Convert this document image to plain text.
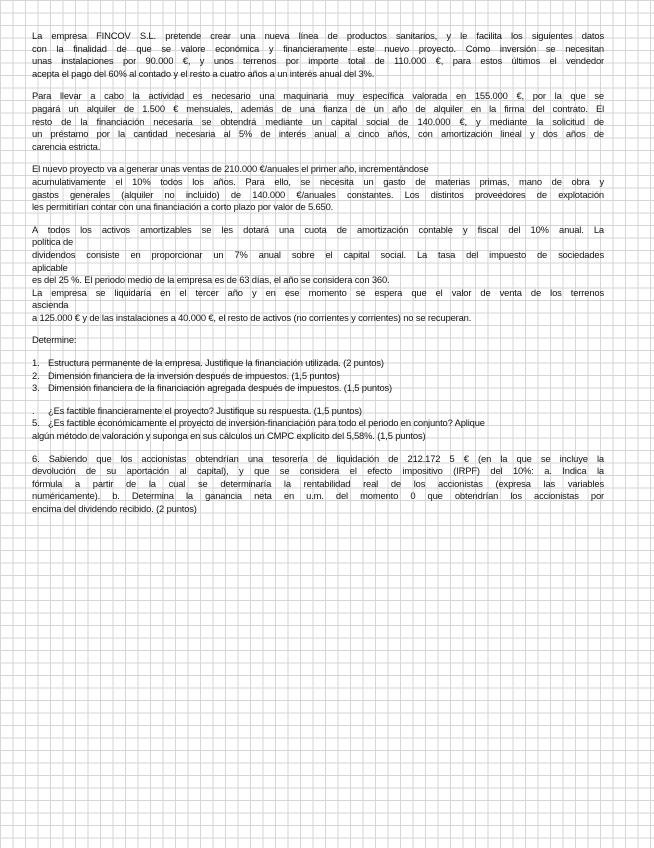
La empresa FINCOV S.L. pretende crear una nueva línea de productos sanitarios, y le facilita los siguientes datos
con la finalidad de que se valore económica y financieramente este nuevo proyecto. Como inversión se necesitan
unas instalaciones por 90.000 €, y unos terrenos por importe total de 110.000 €, para estos últimos el vendedor
acepta el pago del 60% al contado y el resto a cuatro años a un interés anual del 3%.
Para llevar a cabo la actividad es necesario una maquinaria muy específica valorada en 155.000 €, por la que se
pagará un alquiler de 1.500 € mensuales, además de una fianza de un año de alquiler en la firma del contrato. El
resto de la financiación necesaria se obtendrá mediante un capital social de 140.000 €, y mediante la solicitud de
un préstamo por la cantidad necesaria al 5% de interés anual a cinco años, con amortización lineal y dos años de
carencia estricta.
El nuevo proyecto va a generar unas ventas de 210.000 €/anuales el primer año, incrementándose
acumulativamente el 10% todos los años. Para ello, se necesita un gasto de materias primas, mano de obra y
gastos generales (alquiler no incluido) de 140.000 €/anuales constantes. Los distintos proveedores de explotación
les permitirían contar con una financiación a corto plazo por valor de 5.650.
A todos los activos amortizables se les dotará una cuota de amortización contable y fiscal del 10% anual. La
política de
dividendos consiste en proporcionar un 7% anual sobre el capital social. La tasa del impuesto de sociedades
aplicable
es del 25 %. El periodo medio de la empresa es de 63 días, el año se considera con 360.
La empresa se liquidaría en el tercer año y en ese momento se espera que el valor de venta de los terrenos
asciendа
a 125.000 € y de las instalaciones a 40.000 €, el resto de activos (no corrientes y corrientes) no se recuperan.
Determine:
1. Estructura permanente de la empresa. Justifique la financiación utilizada. (2 puntos)
2. Dimensión financiera de la inversión después de impuestos. (1,5 puntos)
3. Dimensión financiera de la financiación agregada después de impuestos. (1,5 puntos)
. ¿Es factible financieramente el proyecto? Justifique su respuesta. (1,5 puntos)
5. ¿Es factible económicamente el proyecto de inversión-financiación para todo el periodo en conjunto? Aplique
algún método de valoración y suponga en sus cálculos un CMPC explícito del 5,58%. (1,5 puntos)
6. Sabiendo que los accionistas obtendrían una tesorería de liquidación de 212.172 5 € (en la que se incluye la
devolución de su aportación al capital), y que se considera el efecto impositivo (IRPF) del 10%: a. Indica la
fórmula a partir de la cual se determinaría la rentabilidad real de los accionistas (expresa las variables
numéricamente). b. Determina la ganancia neta en u.m. del momento 0 que obtendrían los accionistas por
encima del dividendo recibido. (2 puntos)
